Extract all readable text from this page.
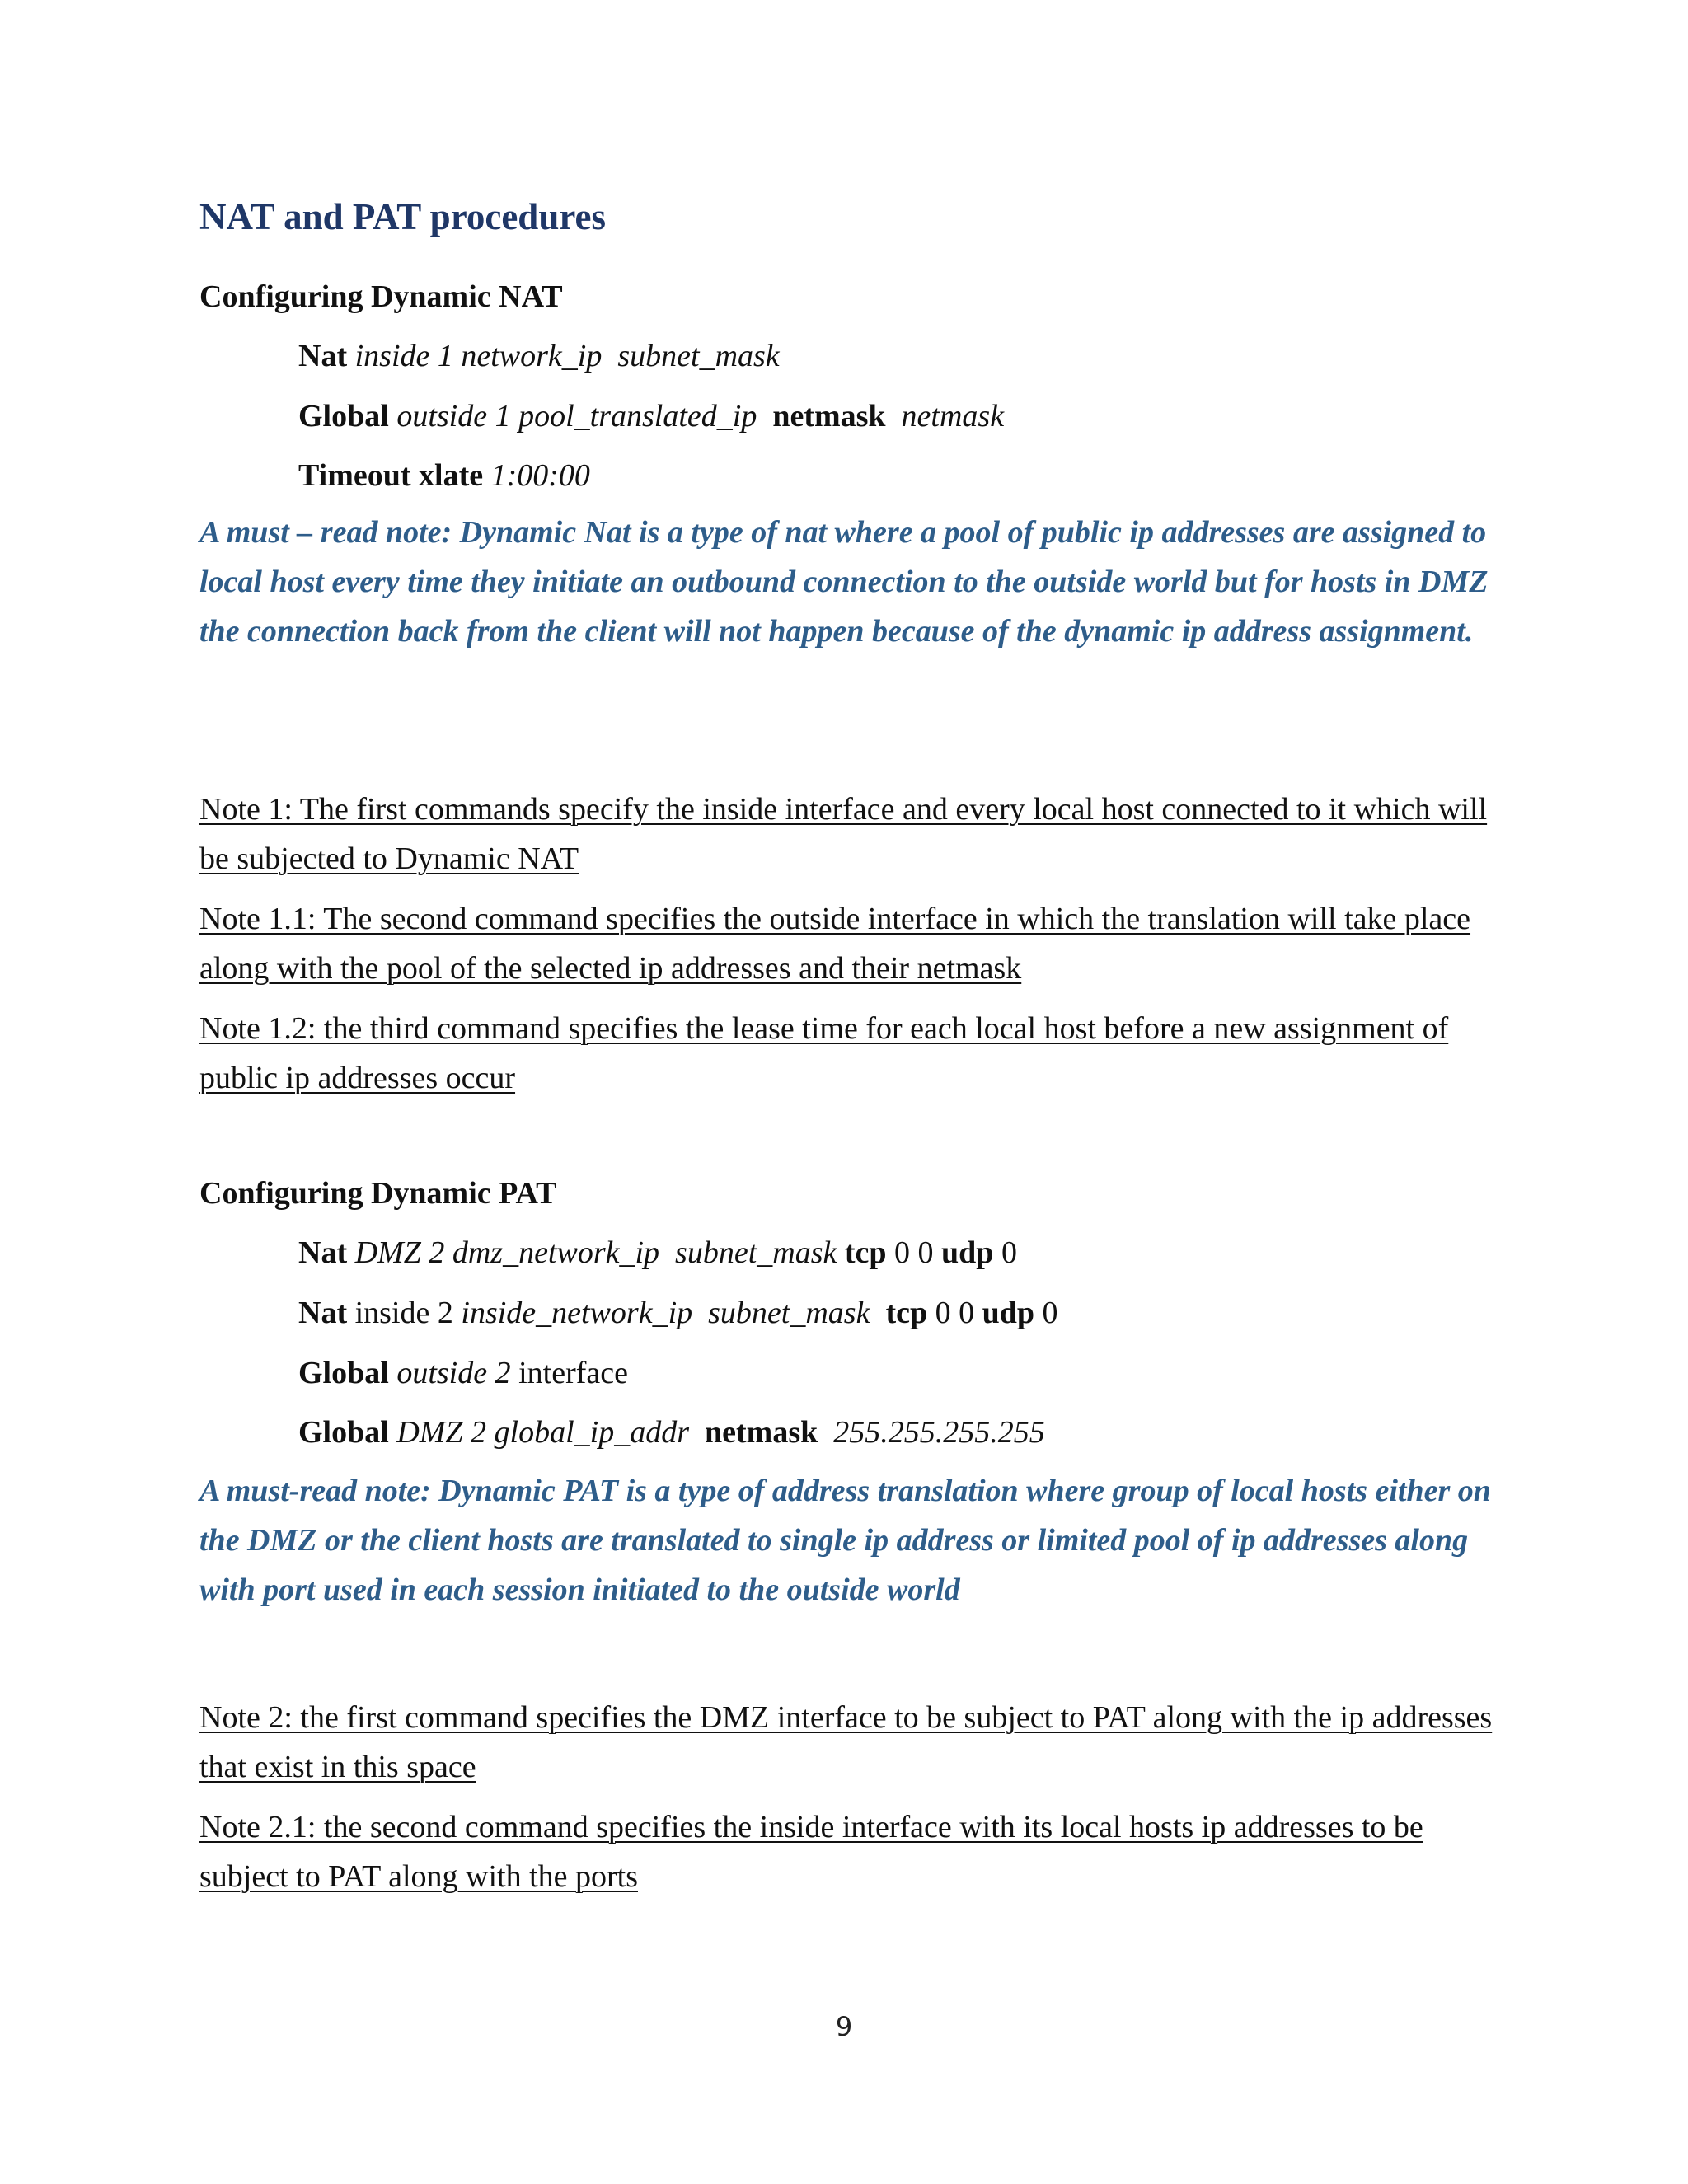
NAT and PAT procedures

Configuring Dynamic NAT

Nat inside 1 network_ip  subnet_mask

Global outside 1 pool_translated_ip  netmask  netmask

Timeout xlate 1:00:00

A must – read note: Dynamic Nat is a type of nat where a pool of public ip addresses are assigned to local host every time they initiate an outbound connection to the outside world but for hosts in DMZ the connection back from the client will not happen because of the dynamic ip address assignment.

Note 1: The first commands specify the inside interface and every local host connected to it which will be subjected to Dynamic NAT

Note 1.1: The second command specifies the outside interface in which the translation will take place along with the pool of the selected ip addresses and their netmask

Note 1.2: the third command specifies the lease time for each local host before a new assignment of public ip addresses occur

Configuring Dynamic PAT

Nat DMZ 2 dmz_network_ip  subnet_mask tcp 0 0 udp 0

Nat inside 2 inside_network_ip  subnet_mask tcp 0 0 udp 0

Global outside 2 interface

Global DMZ 2 global_ip_addr  netmask  255.255.255.255

A must-read note: Dynamic PAT is a type of address translation where group of local hosts either on the DMZ or the client hosts are translated to single ip address or limited pool of ip addresses along with port used in each session initiated to the outside world

Note 2: the first command specifies the DMZ interface to be subject to PAT along with the ip addresses that exist in this space

Note 2.1: the second command specifies the inside interface with its local hosts ip addresses to be subject to PAT along with the ports

9
